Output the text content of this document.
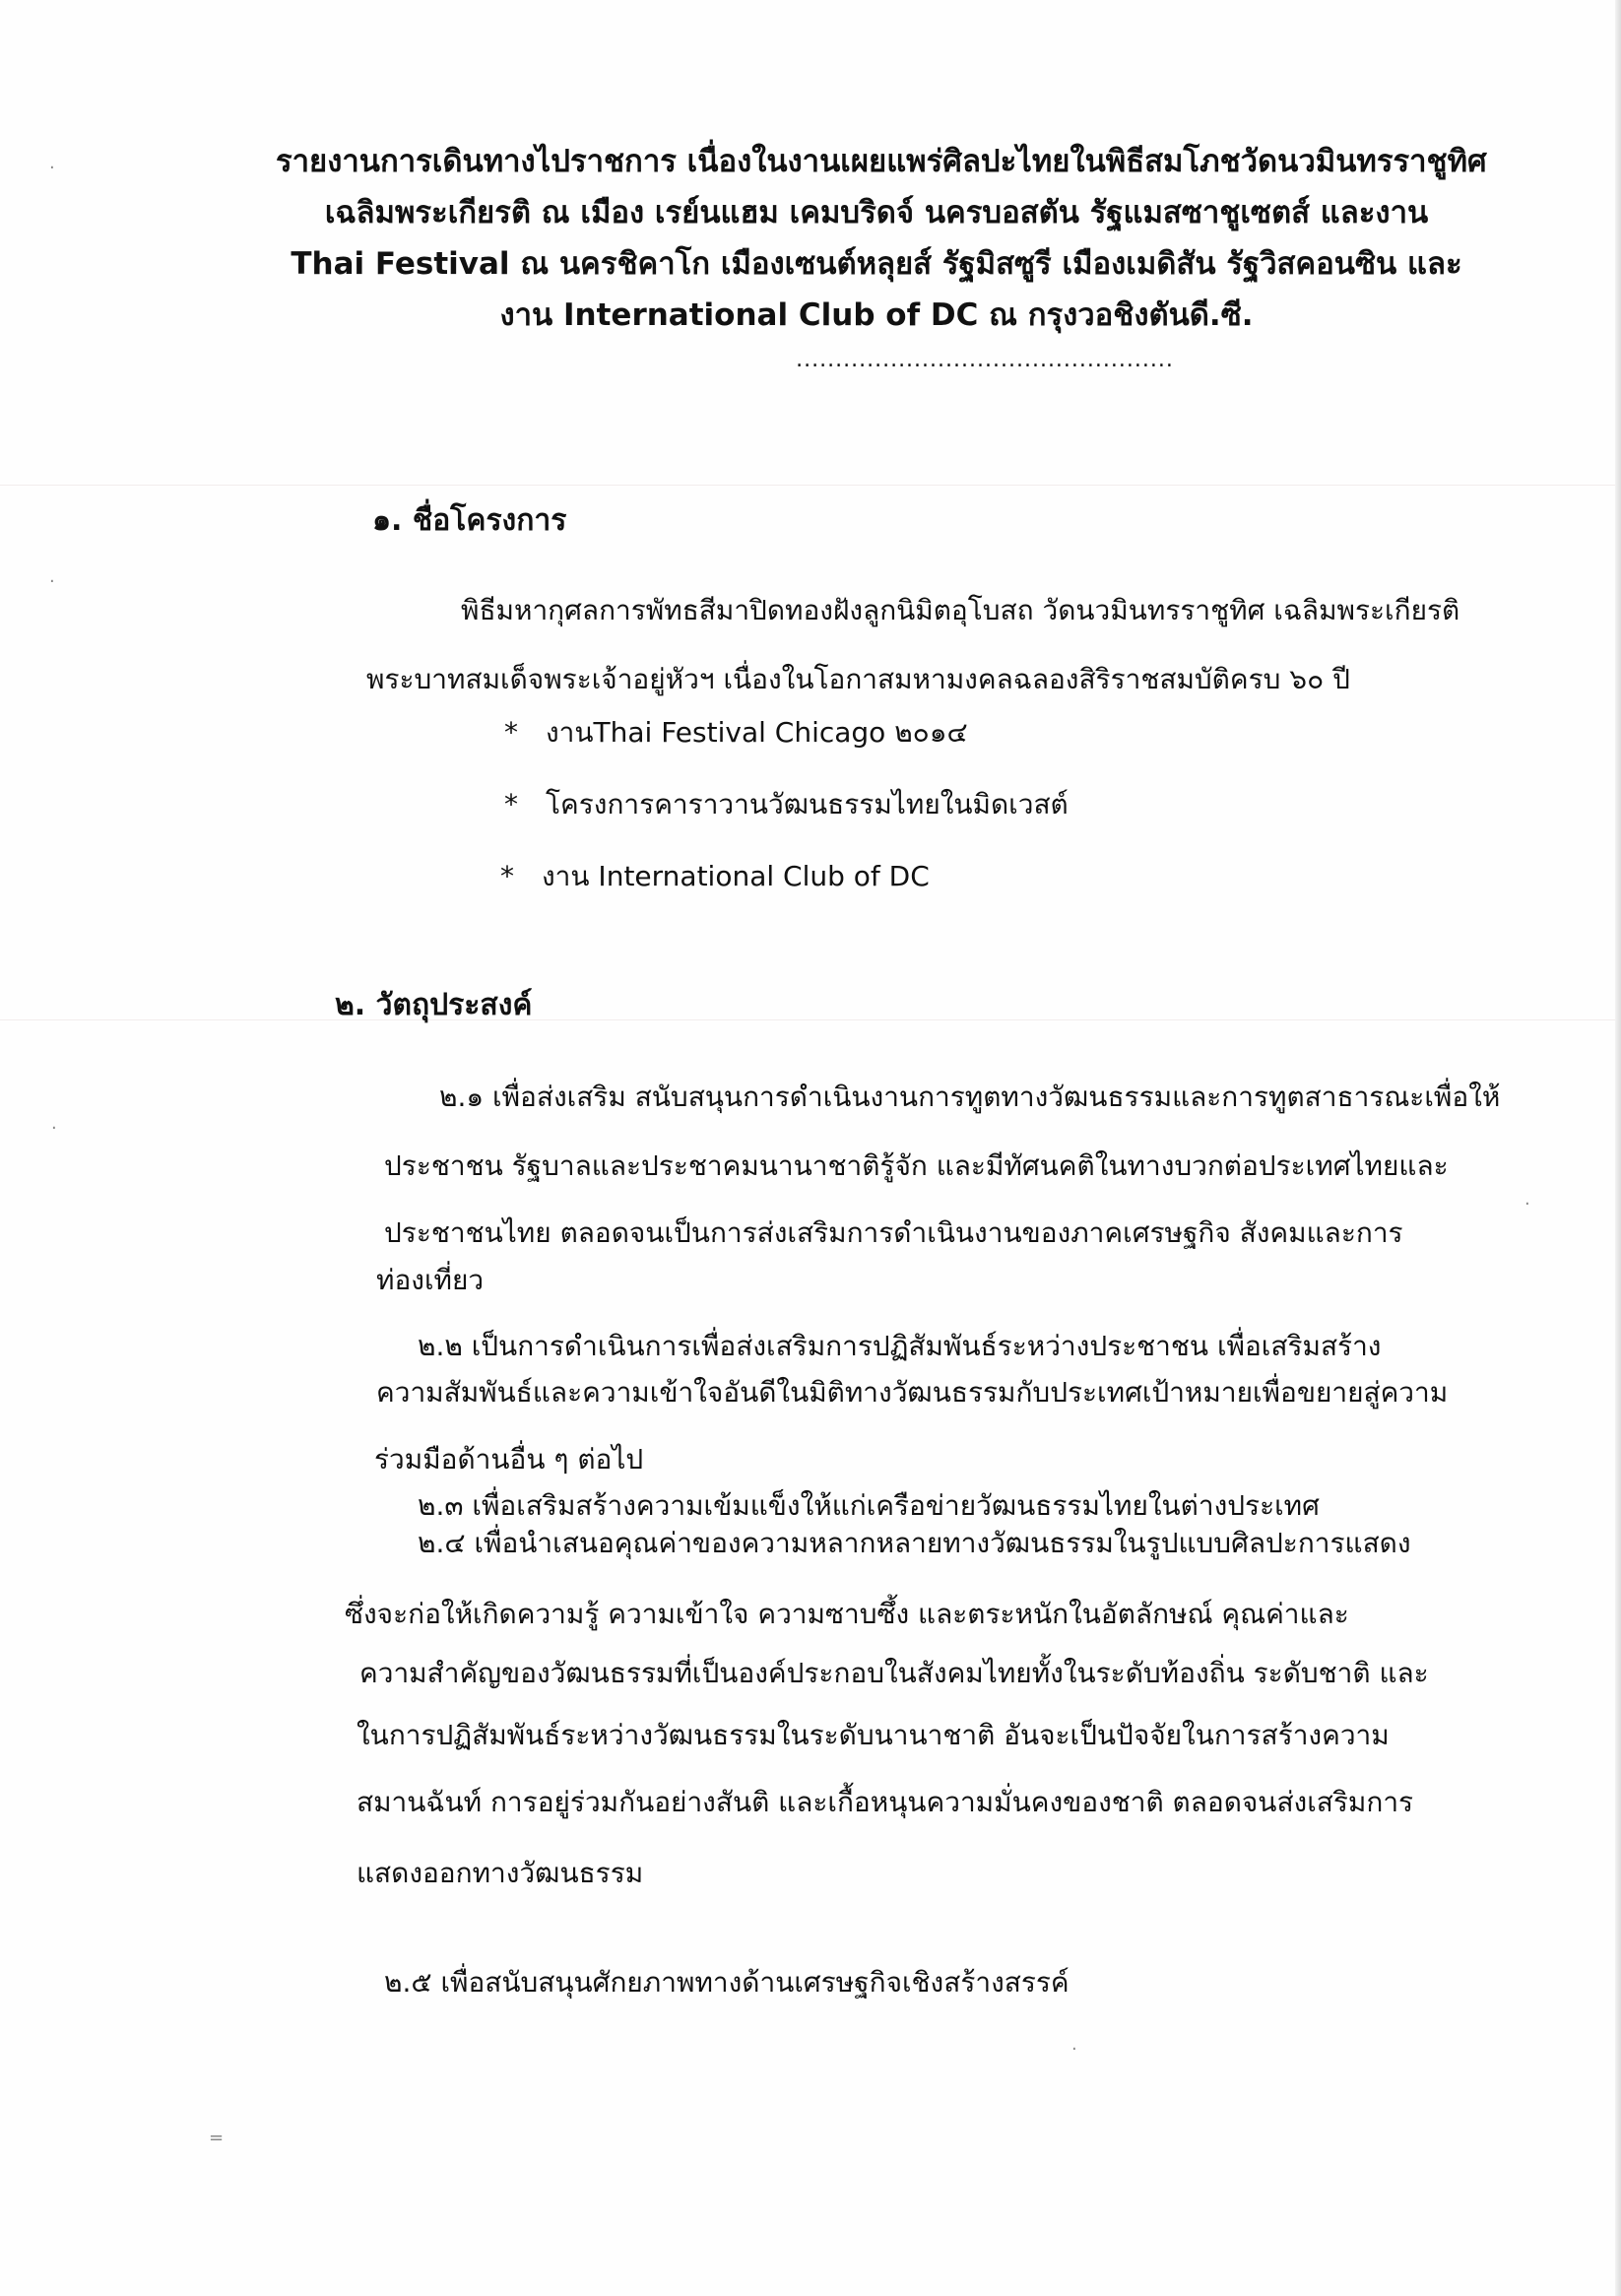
รายงานการเดินทางไปราชการ เนื่องในงานเผยแพร่ศิลปะไทยในพิธีสมโภชวัดนวมินทรราชูทิศ
เฉลิมพระเกียรติ ณ เมือง เรย์นแฮม เคมบริดจ์ นครบอสตัน รัฐแมสซาชูเซตส์ และงาน
Thai Festival ณ นครชิคาโก เมืองเซนต์หลุยส์ รัฐมิสซูรี เมืองเมดิสัน รัฐวิสคอนซิน และ
งาน International Club of DC ณ กรุงวอชิงตันดี.ซี.
................................................
๑. ชื่อโครงการ
พิธีมหากุศลการพัทธสีมาปิดทองฝังลูกนิมิตอุโบสถ วัดนวมินทรราชูทิศ เฉลิมพระเกียรติ
พระบาทสมเด็จพระเจ้าอยู่หัวฯ เนื่องในโอกาสมหามงคลฉลองสิริราชสมบัติครบ ๖๐ ปี
* งานThai Festival Chicago ๒๐๑๔
* โครงการคาราวานวัฒนธรรมไทยในมิดเวสต์
* งาน International Club of DC
๒. วัตถุประสงค์
๒.๑ เพื่อส่งเสริม สนับสนุนการดำเนินงานการทูตทางวัฒนธรรมและการทูตสาธารณะเพื่อให้
ประชาชน รัฐบาลและประชาคมนานาชาติรู้จัก และมีทัศนคติในทางบวกต่อประเทศไทยและ
ประชาชนไทย ตลอดจนเป็นการส่งเสริมการดำเนินงานของภาคเศรษฐกิจ สังคมและการ
ท่องเที่ยว
๒.๒ เป็นการดำเนินการเพื่อส่งเสริมการปฏิสัมพันธ์ระหว่างประชาชน เพื่อเสริมสร้าง
ความสัมพันธ์และความเข้าใจอันดีในมิติทางวัฒนธรรมกับประเทศเป้าหมายเพื่อขยายสู่ความ
ร่วมมือด้านอื่น ๆ ต่อไป
๒.๓ เพื่อเสริมสร้างความเข้มแข็งให้แก่เครือข่ายวัฒนธรรมไทยในต่างประเทศ
๒.๔ เพื่อนำเสนอคุณค่าของความหลากหลายทางวัฒนธรรมในรูปแบบศิลปะการแสดง
ซึ่งจะก่อให้เกิดความรู้ ความเข้าใจ ความซาบซึ้ง และตระหนักในอัตลักษณ์ คุณค่าและ
ความสำคัญของวัฒนธรรมที่เป็นองค์ประกอบในสังคมไทยทั้งในระดับท้องถิ่น ระดับชาติ และ
ในการปฏิสัมพันธ์ระหว่างวัฒนธรรมในระดับนานาชาติ อันจะเป็นปัจจัยในการสร้างความ
สมานฉันท์ การอยู่ร่วมกันอย่างสันติ และเกื้อหนุนความมั่นคงของชาติ ตลอดจนส่งเสริมการ
แสดงออกทางวัฒนธรรม
๒.๕ เพื่อสนับสนุนศักยภาพทางด้านเศรษฐกิจเชิงสร้างสรรค์
·
·
·
·
=
·
